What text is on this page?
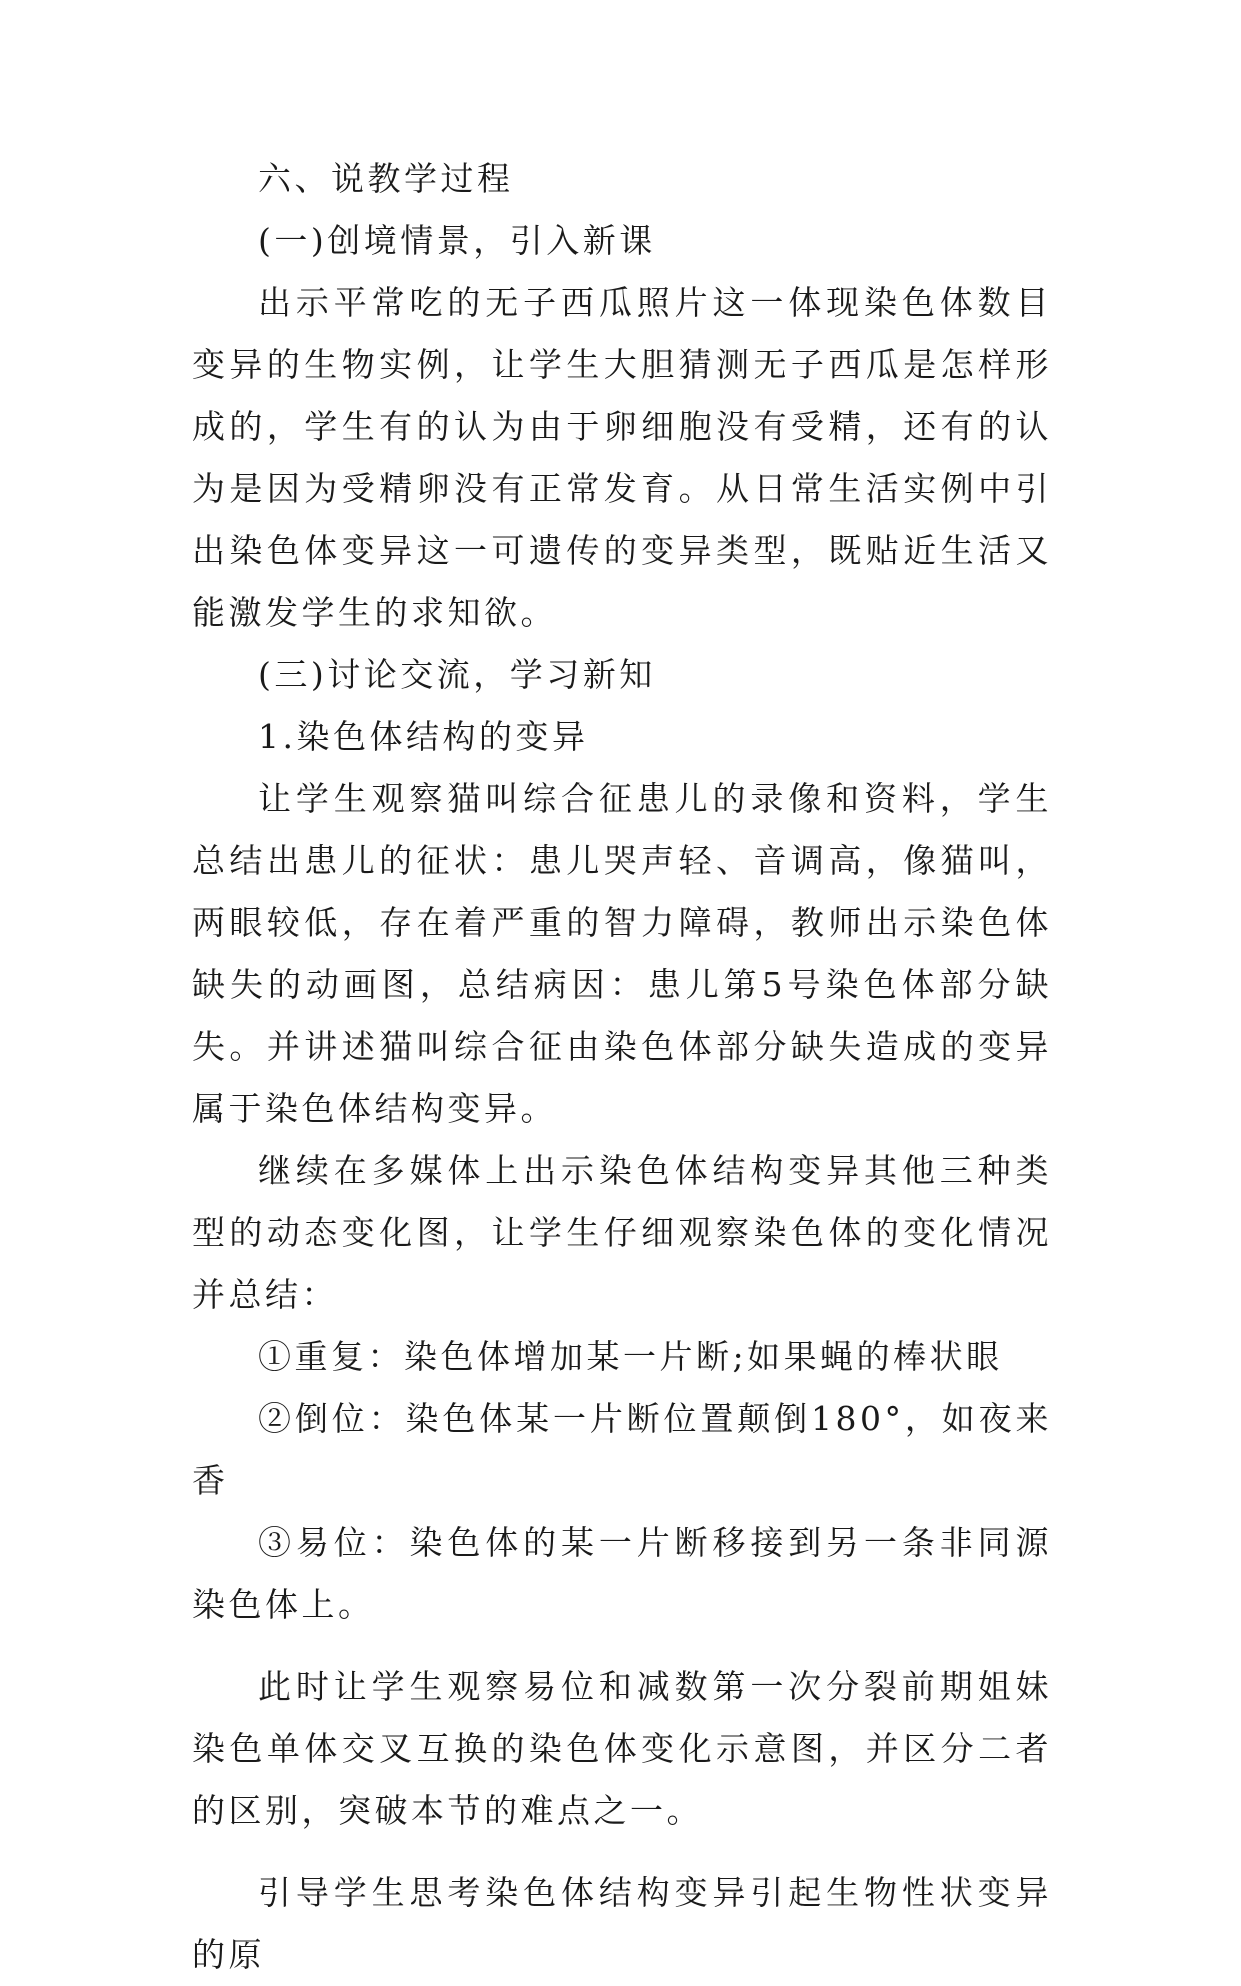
六、说教学过程

(一)创境情景，引入新课

出示平常吃的无子西瓜照片这一体现染色体数目变异的生物实例，让学生大胆猜测无子西瓜是怎样形成的，学生有的认为由于卵细胞没有受精，还有的认为是因为受精卵没有正常发育。从日常生活实例中引出染色体变异这一可遗传的变异类型，既贴近生活又能激发学生的求知欲。

(三)讨论交流，学习新知

1.染色体结构的变异

让学生观察猫叫综合征患儿的录像和资料，学生总结出患儿的征状：患儿哭声轻、音调高，像猫叫，两眼较低，存在着严重的智力障碍，教师出示染色体缺失的动画图，总结病因：患儿第5号染色体部分缺失。并讲述猫叫综合征由染色体部分缺失造成的变异属于染色体结构变异。

继续在多媒体上出示染色体结构变异其他三种类型的动态变化图，让学生仔细观察染色体的变化情况并总结：

①重复：染色体增加某一片断;如果蝇的棒状眼

②倒位：染色体某一片断位置颠倒180°，如夜来香

③易位：染色体的某一片断移接到另一条非同源染色体上。

此时让学生观察易位和减数第一次分裂前期姐妹染色单体交叉互换的染色体变化示意图，并区分二者的区别，突破本节的难点之一。

引导学生思考染色体结构变异引起生物性状变异的原
